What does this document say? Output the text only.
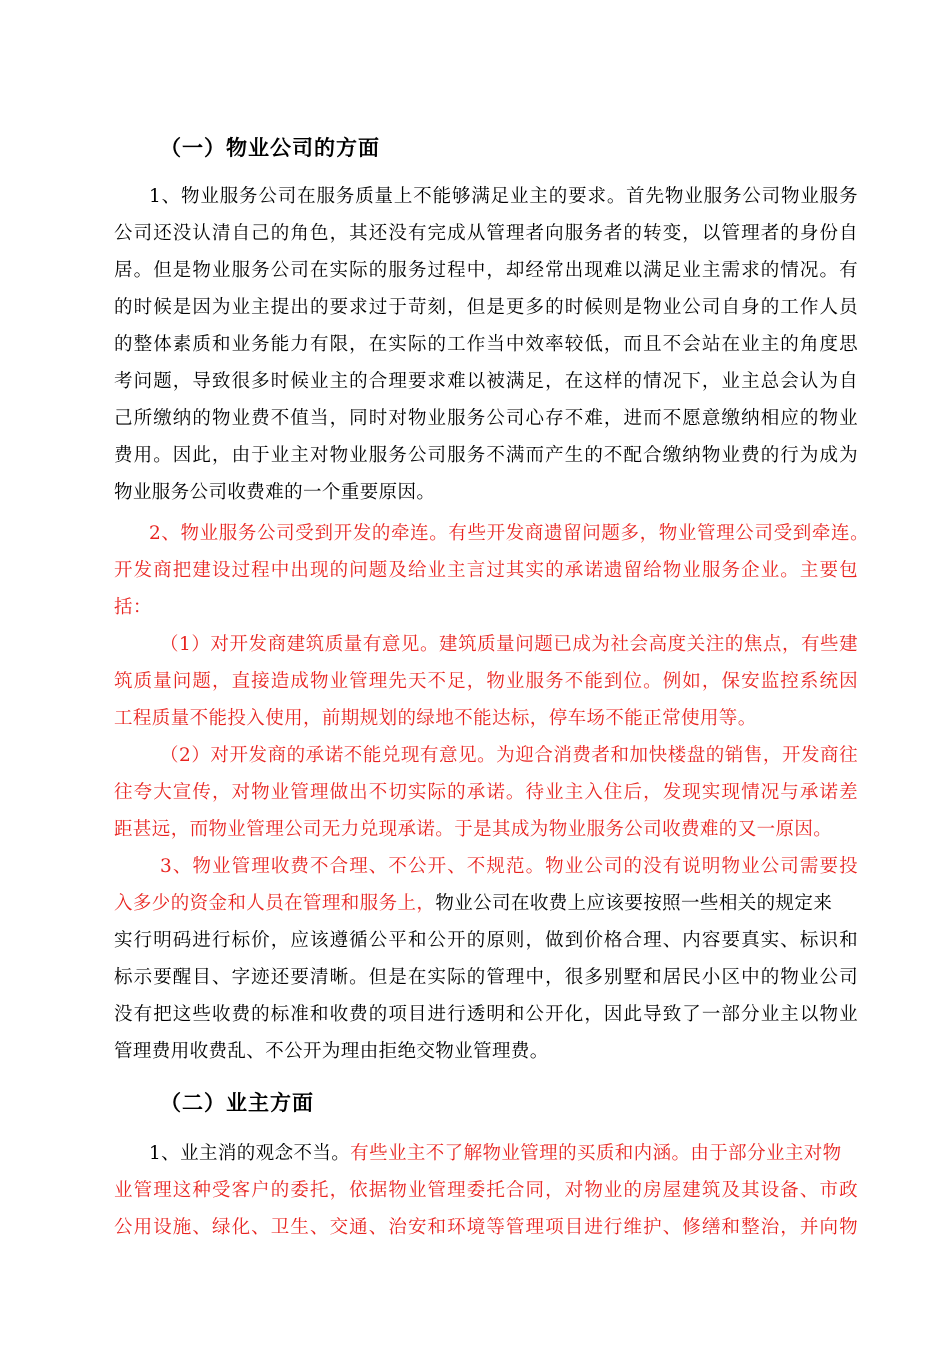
（一）物业公司的方面
1、物业服务公司在服务质量上不能够满足业主的要求。首先物业服务公司物业服务
公司还没认清自己的角色，其还没有完成从管理者向服务者的转变，以管理者的身份自
居。但是物业服务公司在实际的服务过程中，却经常出现难以满足业主需求的情况。有
的时候是因为业主提出的要求过于苛刻，但是更多的时候则是物业公司自身的工作人员
的整体素质和业务能力有限，在实际的工作当中效率较低，而且不会站在业主的角度思
考问题，导致很多时候业主的合理要求难以被满足，在这样的情况下，业主总会认为自
己所缴纳的物业费不值当，同时对物业服务公司心存不难，进而不愿意缴纳相应的物业
费用。因此，由于业主对物业服务公司服务不满而产生的不配合缴纳物业费的行为成为
物业服务公司收费难的一个重要原因。
2、物业服务公司受到开发的牵连。有些开发商遗留问题多，物业管理公司受到牵连。
开发商把建设过程中出现的问题及给业主言过其实的承诺遗留给物业服务企业。主要包
括：
（1）对开发商建筑质量有意见。建筑质量问题已成为社会高度关注的焦点，有些建
筑质量问题，直接造成物业管理先天不足，物业服务不能到位。例如，保安监控系统因
工程质量不能投入使用，前期规划的绿地不能达标，停车场不能正常使用等。
（2）对开发商的承诺不能兑现有意见。为迎合消费者和加快楼盘的销售，开发商往
往夸大宣传，对物业管理做出不切实际的承诺。待业主入住后，发现实现情况与承诺差
距甚远，而物业管理公司无力兑现承诺。于是其成为物业服务公司收费难的又一原因。
3、物业管理收费不合理、不公开、不规范。物业公司的没有说明物业公司需要投
入多少的资金和人员在管理和服务上，物业公司在收费上应该要按照一些相关的规定来
实行明码进行标价，应该遵循公平和公开的原则，做到价格合理、内容要真实、标识和
标示要醒目、字迹还要清晰。但是在实际的管理中，很多别墅和居民小区中的物业公司
没有把这些收费的标准和收费的项目进行透明和公开化，因此导致了一部分业主以物业
管理费用收费乱、不公开为理由拒绝交物业管理费。
（二）业主方面
1、业主消的观念不当。有些业主不了解物业管理的买质和内涵。由于部分业主对物
业管理这种受客户的委托，依据物业管理委托合同，对物业的房屋建筑及其设备、市政
公用设施、绿化、卫生、交通、治安和环境等管理项目进行维护、修缮和整治，并向物
